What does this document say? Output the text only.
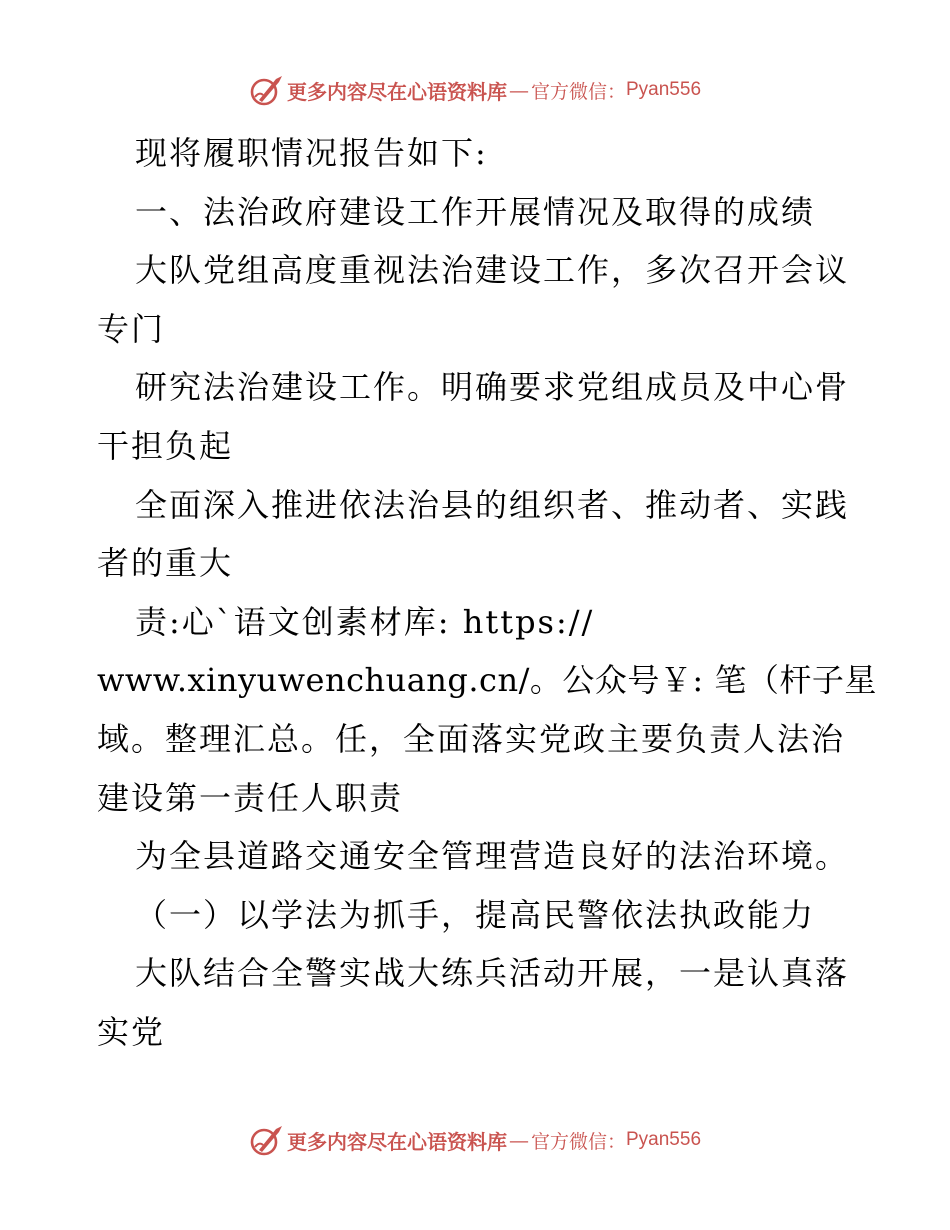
更多内容尽在心语资料库 — 官方微信： Pyan556
现将履职情况报告如下:
一、法治政府建设工作开展情况及取得的成绩
大队党组高度重视法治建设工作，多次召开会议
专门
研究法治建设工作。明确要求党组成员及中心骨
干担负起
全面深入推进依法治县的组织者、推动者、实践
者的重大
责:心`语文创素材库: https://
www.xinyuwenchuang.cn/。公众号￥: 笔（杆子星
域。整理汇总。任，全面落实党政主要负责人法治
建设第一责任人职责
为全县道路交通安全管理营造良好的法治环境。
（一）以学法为抓手，提高民警依法执政能力
大队结合全警实战大练兵活动开展，一是认真落
实党
更多内容尽在心语资料库 — 官方微信： Pyan556
